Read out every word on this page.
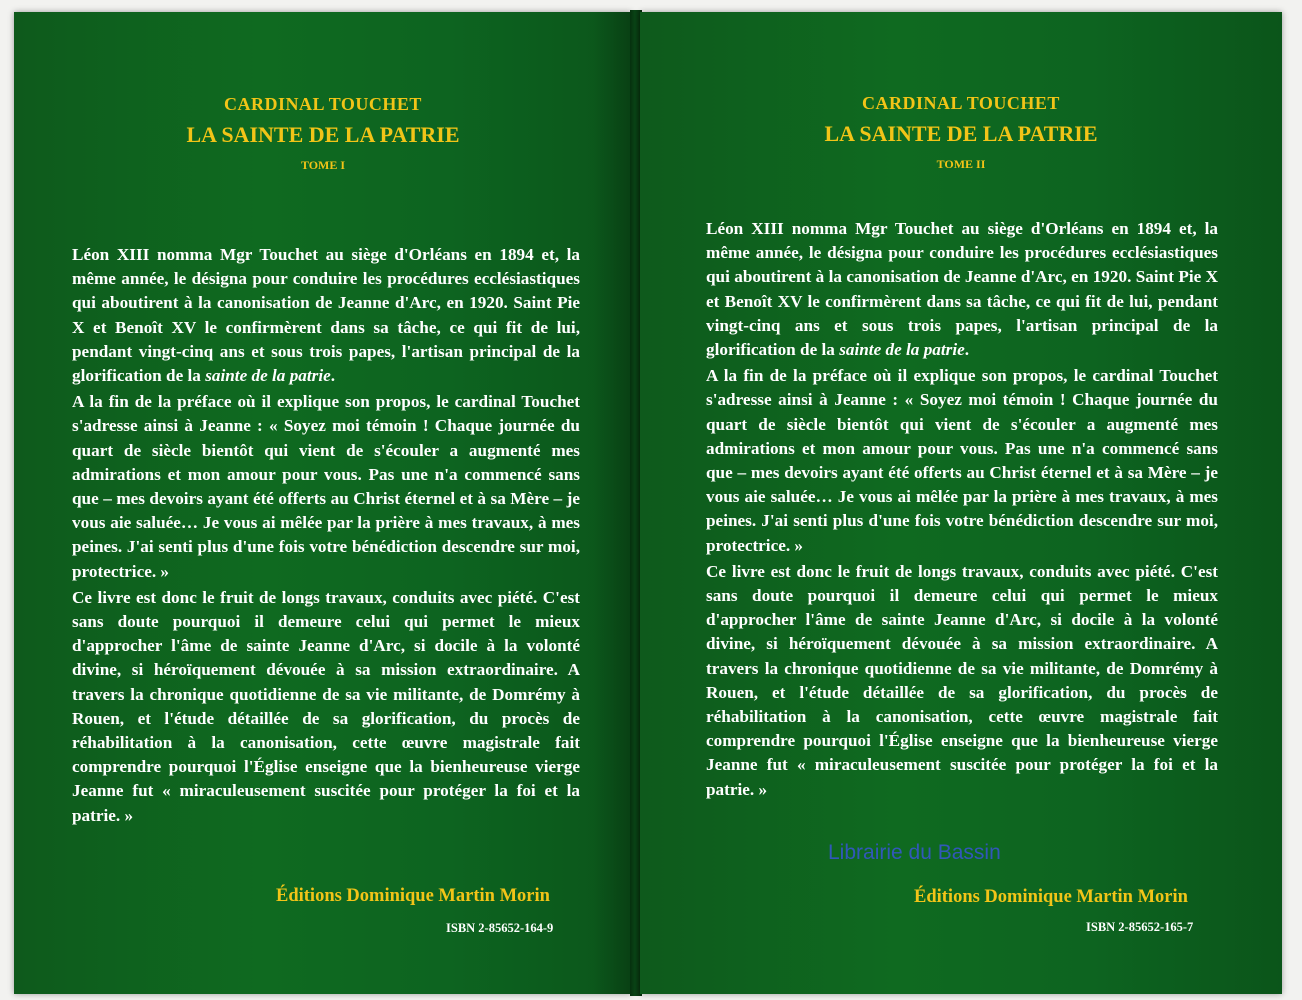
CARDINAL TOUCHET
LA SAINTE DE LA PATRIE
TOME I

Léon XIII nomma Mgr Touchet au siège d'Orléans en 1894 et, la même année, le désigna pour conduire les procédures ecclésiastiques qui aboutirent à la canonisation de Jeanne d'Arc, en 1920. Saint Pie X et Benoît XV le confirmèrent dans sa tâche, ce qui fit de lui, pendant vingt-cinq ans et sous trois papes, l'artisan principal de la glorification de la sainte de la patrie.

A la fin de la préface où il explique son propos, le cardinal Touchet s'adresse ainsi à Jeanne : « Soyez moi témoin ! Chaque journée du quart de siècle bientôt qui vient de s'écouler a augmenté mes admirations et mon amour pour vous. Pas une n'a commencé sans que – mes devoirs ayant été offerts au Christ éternel et à sa Mère – je vous aie saluée… Je vous ai mêlée par la prière à mes travaux, à mes peines. J'ai senti plus d'une fois votre bénédiction descendre sur moi, protectrice. »

Ce livre est donc le fruit de longs travaux, conduits avec piété. C'est sans doute pourquoi il demeure celui qui permet le mieux d'approcher l'âme de sainte Jeanne d'Arc, si docile à la volonté divine, si héroïquement dévouée à sa mission extraordinaire. A travers la chronique quotidienne de sa vie militante, de Domrémy à Rouen, et l'étude détaillée de sa glorification, du procès de réhabilitation à la canonisation, cette œuvre magistrale fait comprendre pourquoi l'Église enseigne que la bienheureuse vierge Jeanne fut « miraculeusement suscitée pour protéger la foi et la patrie. »

Éditions Dominique Martin Morin
ISBN 2-85652-164-9
CARDINAL TOUCHET
LA SAINTE DE LA PATRIE
TOME II

Léon XIII nomma Mgr Touchet au siège d'Orléans en 1894 et, la même année, le désigna pour conduire les procédures ecclésiastiques qui aboutirent à la canonisation de Jeanne d'Arc, en 1920. Saint Pie X et Benoît XV le confirmèrent dans sa tâche, ce qui fit de lui, pendant vingt-cinq ans et sous trois papes, l'artisan principal de la glorification de la sainte de la patrie.

A la fin de la préface où il explique son propos, le cardinal Touchet s'adresse ainsi à Jeanne : « Soyez moi témoin ! Chaque journée du quart de siècle bientôt qui vient de s'écouler a augmenté mes admirations et mon amour pour vous. Pas une n'a commencé sans que – mes devoirs ayant été offerts au Christ éternel et à sa Mère – je vous aie saluée… Je vous ai mêlée par la prière à mes travaux, à mes peines. J'ai senti plus d'une fois votre bénédiction descendre sur moi, protectrice. »

Ce livre est donc le fruit de longs travaux, conduits avec piété. C'est sans doute pourquoi il demeure celui qui permet le mieux d'approcher l'âme de sainte Jeanne d'Arc, si docile à la volonté divine, si héroïquement dévouée à sa mission extraordinaire. A travers la chronique quotidienne de sa vie militante, de Domrémy à Rouen, et l'étude détaillée de sa glorification, du procès de réhabilitation à la canonisation, cette œuvre magistrale fait comprendre pourquoi l'Église enseigne que la bienheureuse vierge Jeanne fut « miraculeusement suscitée pour protéger la foi et la patrie. »

Éditions Dominique Martin Morin
ISBN 2-85652-165-7
Librairie du Bassin
